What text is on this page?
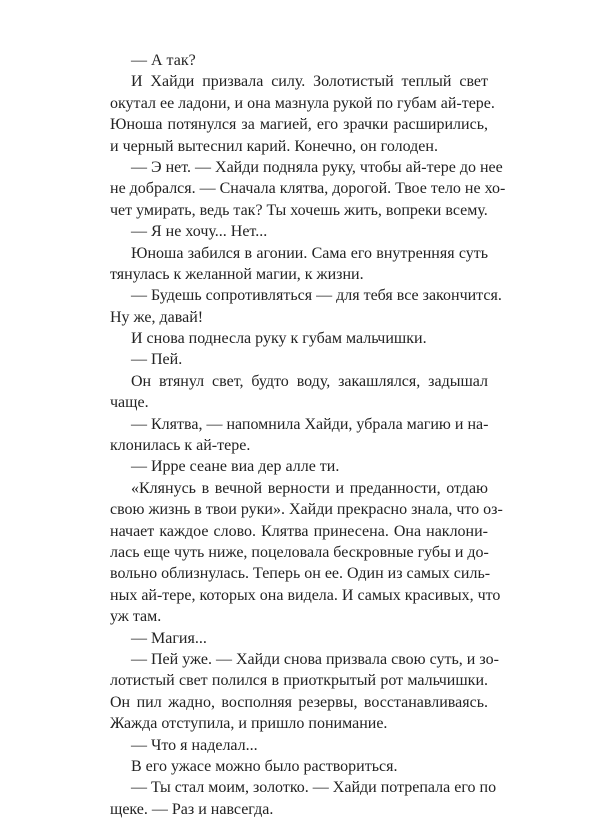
— А так?
И Хайди призвала силу. Золотистый теплый свет
окутал ее ладони, и она мазнула рукой по губам ай-тере.
Юноша потянулся за магией, его зрачки расширились,
и черный вытеснил карий. Конечно, он голоден.
— Э нет. — Хайди подняла руку, чтобы ай-тере до нее
не добрался. — Сначала клятва, дорогой. Твое тело не хо-
чет умирать, ведь так? Ты хочешь жить, вопреки всему.
— Я не хочу... Нет...
Юноша забился в агонии. Сама его внутренняя суть
тянулась к желанной магии, к жизни.
— Будешь сопротивляться — для тебя все закончится.
Ну же, давай!
И снова поднесла руку к губам мальчишки.
— Пей.
Он втянул свет, будто воду, закашлялся, задышал
чаще.
— Клятва, — напомнила Хайди, убрала магию и на-
клонилась к ай-тере.
— Ирре сеане виа дер алле ти.
«Клянусь в вечной верности и преданности, отдаю
свою жизнь в твои руки». Хайди прекрасно знала, что оз-
начает каждое слово. Клятва принесена. Она наклони-
лась еще чуть ниже, поцеловала бескровные губы и до-
вольно облизнулась. Теперь он ее. Один из самых силь-
ных ай-тере, которых она видела. И самых красивых, что
уж там.
— Магия...
— Пей уже. — Хайди снова призвала свою суть, и зо-
лотистый свет полился в приоткрытый рот мальчишки.
Он пил жадно, восполняя резервы, восстанавливаясь.
Жажда отступила, и пришло понимание.
— Что я наделал...
В его ужасе можно было раствориться.
— Ты стал моим, золотко. — Хайди потрепала его по
щеке. — Раз и навсегда.
